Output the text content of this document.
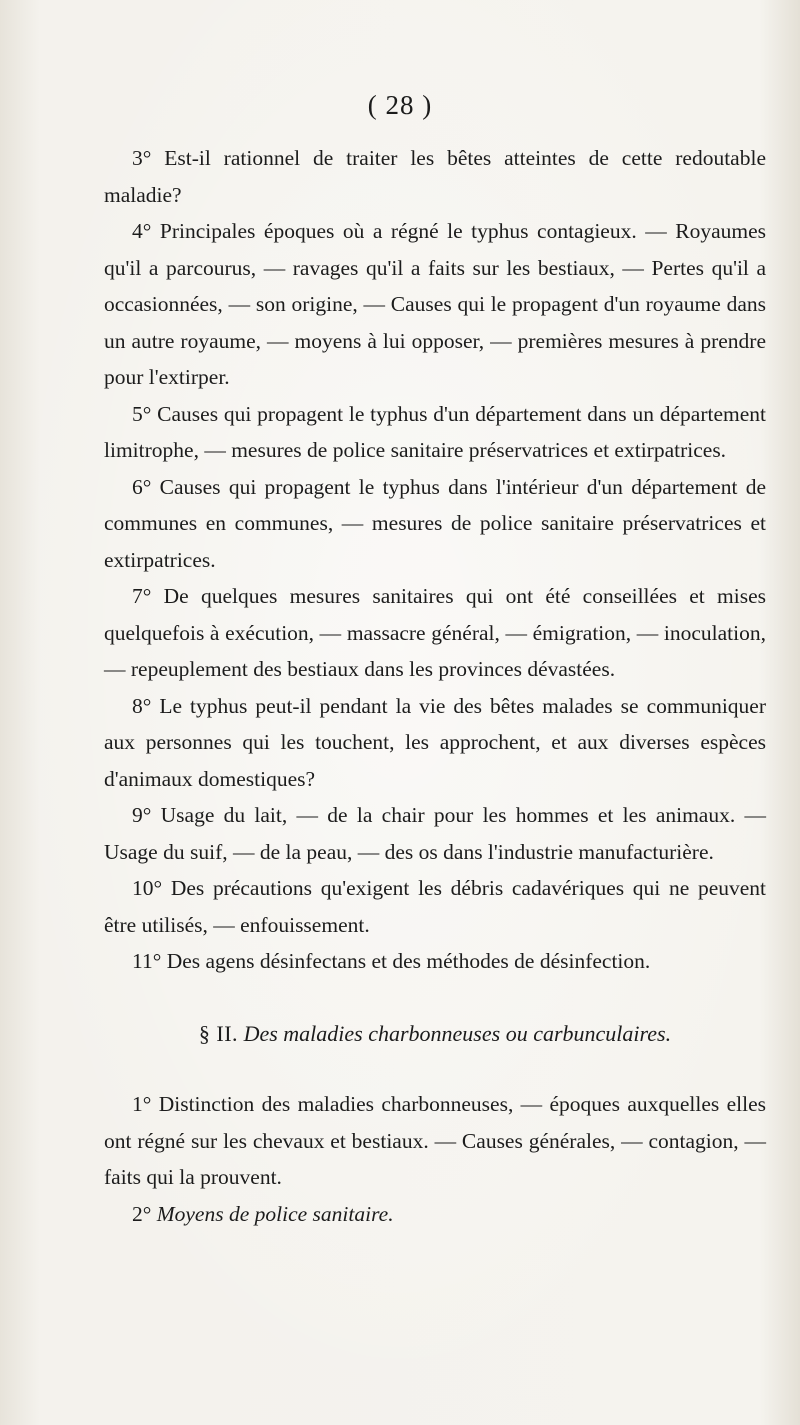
( 28 )

3° Est-il rationnel de traiter les bêtes atteintes de cette redoutable maladie?

4° Principales époques où a régné le typhus contagieux. — Royaumes qu'il a parcourus, — ravages qu'il a faits sur les bestiaux, — Pertes qu'il a occasionnées, — son origine, — Causes qui le propagent d'un royaume dans un autre royaume, — moyens à lui opposer, — premières mesures à prendre pour l'extirper.

5° Causes qui propagent le typhus d'un département dans un département limitrophe, — mesures de police sanitaire préservatrices et extirpatrices.

6° Causes qui propagent le typhus dans l'intérieur d'un département de communes en communes, — mesures de police sanitaire préservatrices et extirpatrices.

7° De quelques mesures sanitaires qui ont été conseillées et mises quelquefois à exécution, — massacre général, — émigration, — inoculation, — repeuplement des bestiaux dans les provinces dévastées.

8° Le typhus peut-il pendant la vie des bêtes malades se communiquer aux personnes qui les touchent, les approchent, et aux diverses espèces d'animaux domestiques?

9° Usage du lait, — de la chair pour les hommes et les animaux. — Usage du suif, — de la peau, — des os dans l'industrie manufacturière.

10° Des précautions qu'exigent les débris cadavériques qui ne peuvent être utilisés, — enfouissement.

11° Des agens désinfectans et des méthodes de désinfection.

§ II. Des maladies charbonneuses ou carbunculaires.

1° Distinction des maladies charbonneuses, — époques auxquelles elles ont régné sur les chevaux et bestiaux. — Causes générales, — contagion, — faits qui la prouvent.

2° Moyens de police sanitaire.
